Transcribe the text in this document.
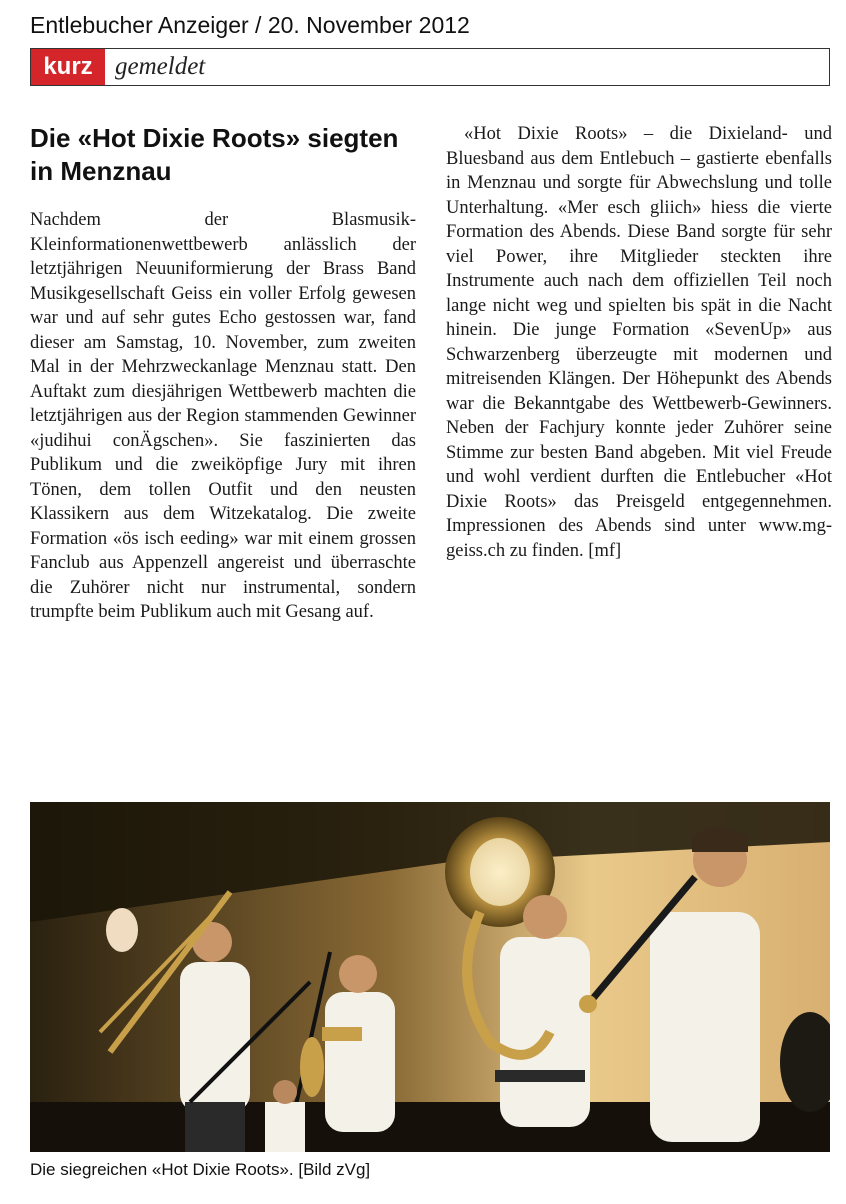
Entlebucher Anzeiger / 20. November 2012
kurz gemeldet
Die «Hot Dixie Roots» siegten in Menznau

Nachdem der Blasmusik-Kleinformationenwettbewerb anlässlich der letztjährigen Neuuniformierung der Brass Band Musikgesellschaft Geiss ein voller Erfolg gewesen war und auf sehr gutes Echo gestossen war, fand dieser am Samstag, 10. November, zum zweiten Mal in der Mehrzweckanlage Menznau statt. Den Auftakt zum diesjährigen Wettbewerb machten die letztjährigen aus der Region stammenden Gewinner «judihui conÄgschen». Sie faszinierten das Publikum und die zweiköpfige Jury mit ihren Tönen, dem tollen Outfit und den neusten Klassikern aus dem Witzekatalog. Die zweite Formation «ös isch eeding» war mit einem grossen Fanclub aus Appenzell angereist und überraschte die Zuhörer nicht nur instrumental, sondern trumpfte beim Publikum auch mit Gesang auf.

«Hot Dixie Roots» – die Dixieland- und Bluesband aus dem Entlebuch – gastierte ebenfalls in Menznau und sorgte für Abwechslung und tolle Unterhaltung. «Mer esch gliich» hiess die vierte Formation des Abends. Diese Band sorgte für sehr viel Power, ihre Mitglieder steckten ihre Instrumente auch nach dem offiziellen Teil noch lange nicht weg und spielten bis spät in die Nacht hinein. Die junge Formation «SevenUp» aus Schwarzenberg überzeugte mit modernen und mitreisenden Klängen. Der Höhepunkt des Abends war die Bekanntgabe des Wettbewerb-Gewinners. Neben der Fachjury konnte jeder Zuhörer seine Stimme zur besten Band abgeben. Mit viel Freude und wohl verdient durften die Entlebucher «Hot Dixie Roots» das Preisgeld entgegennehmen. Impressionen des Abends sind unter www.mg-geiss.ch zu finden. [mf]

Die siegreichen «Hot Dixie Roots». [Bild zVg]
